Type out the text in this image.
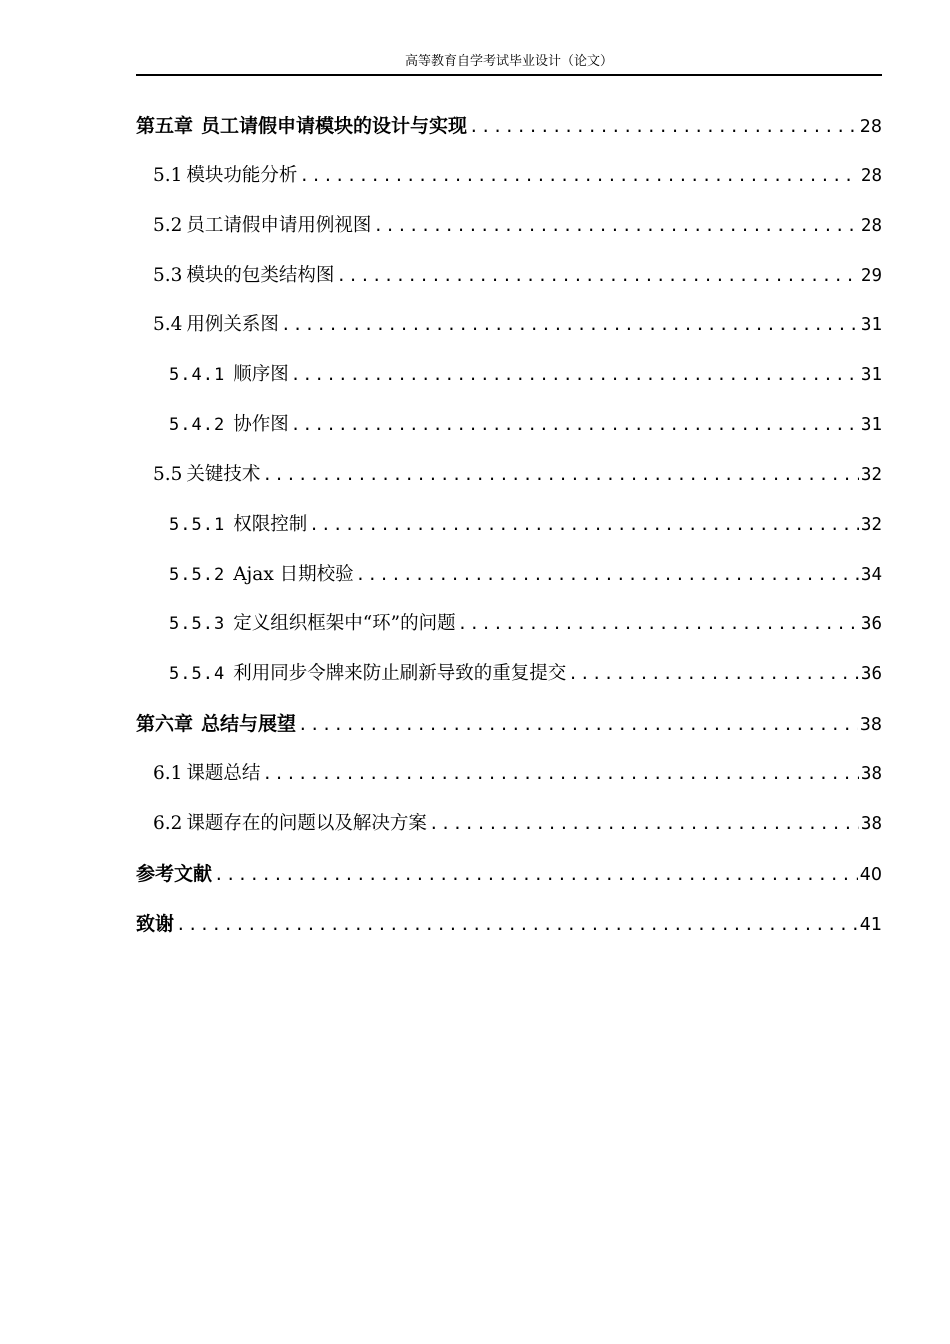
高等教育自学考试毕业设计（论文）
第五章 员工请假申请模块的设计与实现 .....	28
5.1 模块功能分析 .....	28
5.2 员工请假申请用例视图 .....	28
5.3 模块的包类结构图 .....	29
5.4 用例关系图 .....	31
5.4.1 顺序图 .....	31
5.4.2 协作图 .....	31
5.5 关键技术 .....	32
5.5.1 权限控制 .....	32
5.5.2 Ajax 日期校验 .....	34
5.5.3 定义组织框架中“环”的问题 .....	36
5.5.4 利用同步令牌来防止刷新导致的重复提交 .....	36
第六章 总结与展望 .....	38
6.1 课题总结 .....	38
6.2 课题存在的问题以及解决方案 .....	38
参考文献 .....	40
致谢 .....	41
